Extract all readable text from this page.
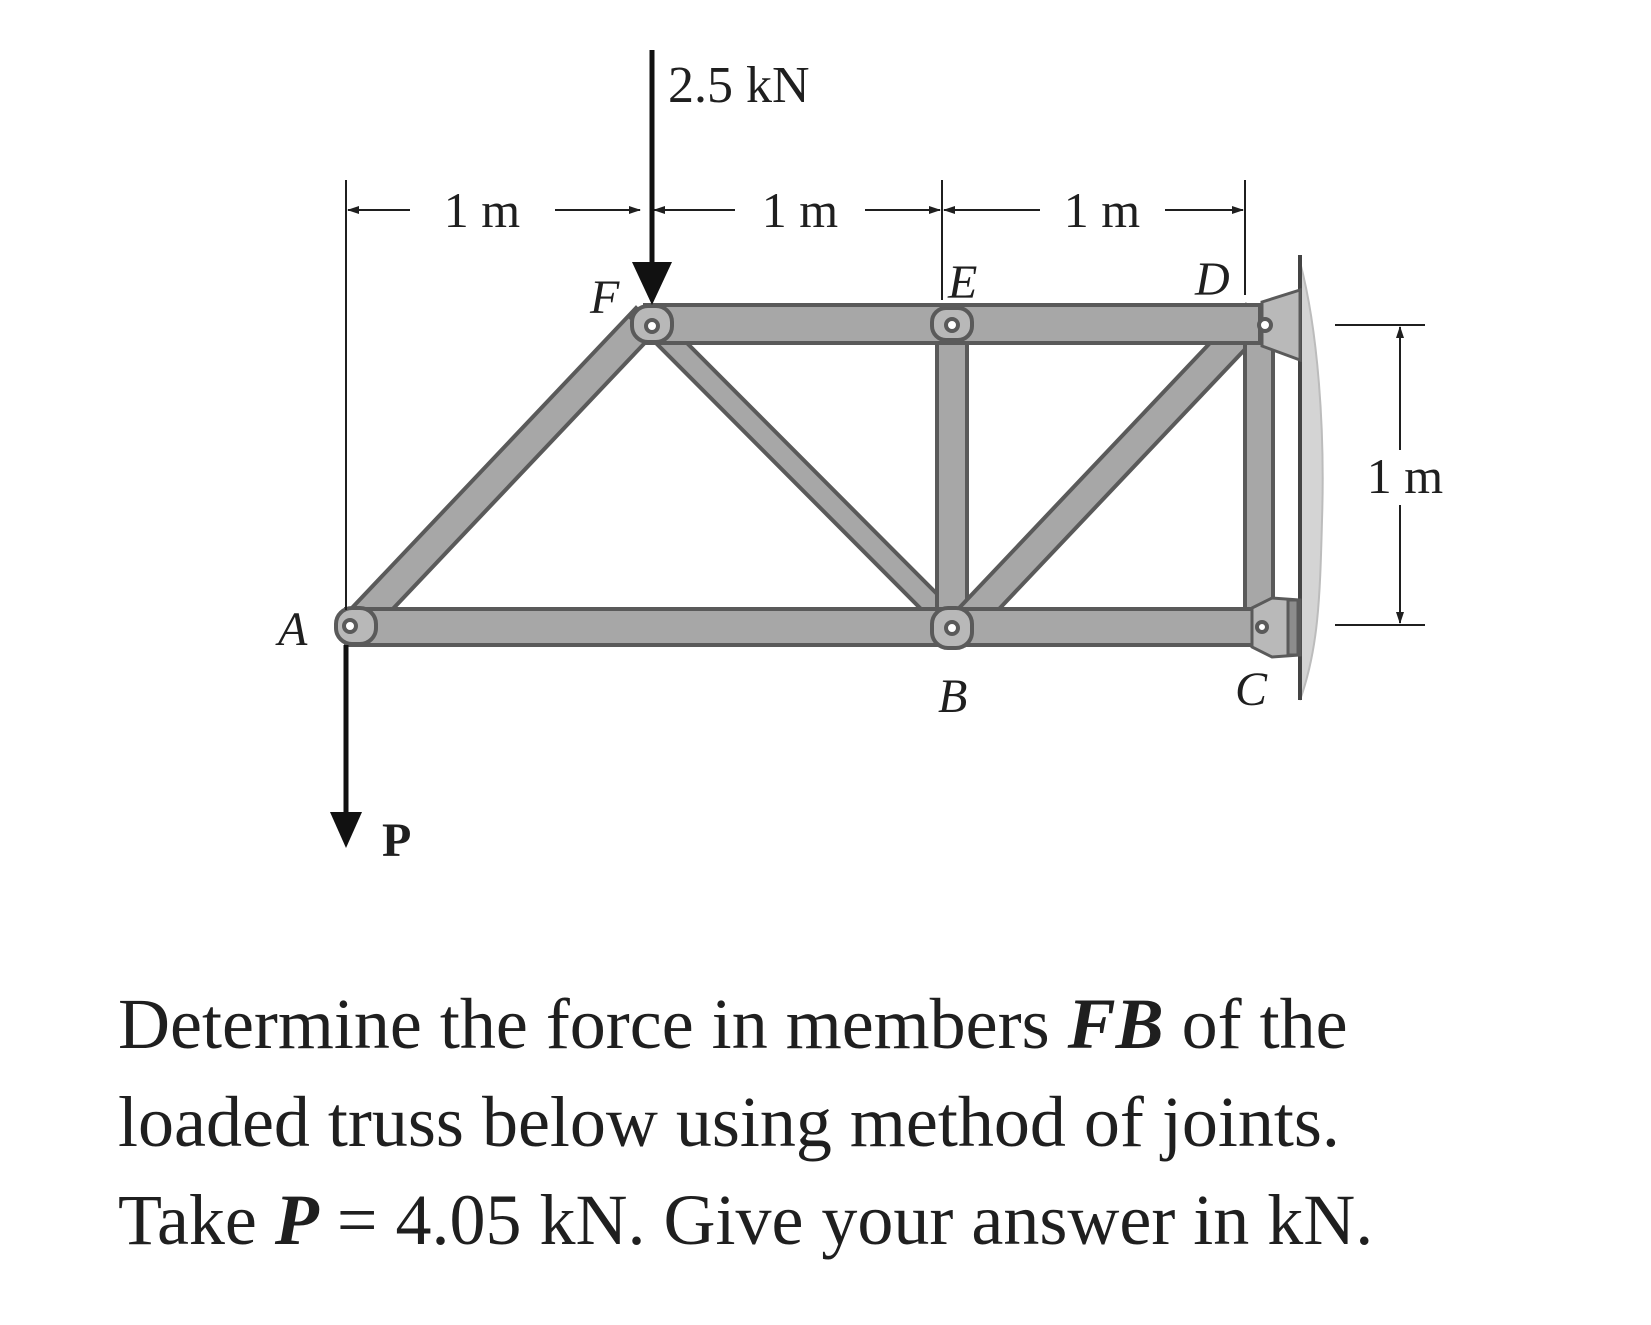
2.5 kN
P
1 m	1 m	1 m
1 m
F	E	D
A
B	C
Determine the force in members FB of the
loaded truss below using method of joints.
Take P = 4.05 kN. Give your answer in kN.
